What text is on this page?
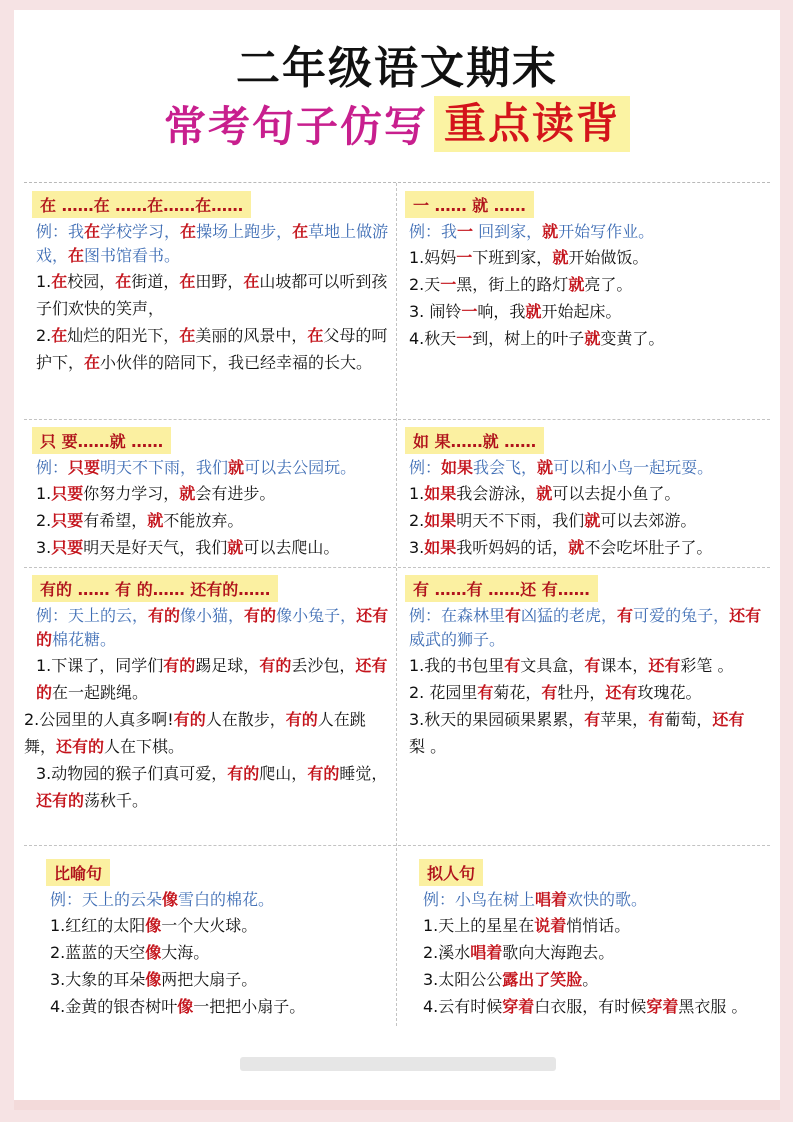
二年级语文期末
常考句子仿写 重点读背
在 ……在 ……在……在……
例：我在学校学习，在操场上跑步，在草地上做游戏，在图书馆看书。
1.在校园，在街道，在田野，在山坡都可以听到孩子们欢快的笑声，
2.在灿烂的阳光下，在美丽的风景中，在父母的呵护下，在小伙伴的陪同下，我已经幸福的长大。
一 …… 就 ……
例：我一 回到家，就开始写作业。
1.妈妈一下班到家，就开始做饭。
2.天一黑，街上的路灯就亮了。
3. 闹铃一响，我就开始起床。
4.秋天一到，树上的叶子就变黄了。
只 要……就 ……
例：只要明天不下雨，我们就可以去公园玩。
1.只要你努力学习，就会有进步。
2.只要有希望，就不能放弃。
3.只要明天是好天气，我们就可以去爬山。
如 果……就 ……
例：如果我会飞，就可以和小鸟一起玩耍。
1.如果我会游泳，就可以去捉小鱼了。
2.如果明天不下雨，我们就可以去郊游。
3.如果我听妈妈的话，就不会吃坏肚子了。
有的 …… 有 的…… 还有的……
例：天上的云，有的像小猫，有的像小兔子，还有的棉花糖。
1.下课了，同学们有的踢足球，有的丢沙包，还有的在一起跳绳。
2.公园里的人真多啊!有的人在散步，有的人在跳舞，还有的人在下棋。
3.动物园的猴子们真可爱，有的爬山，有的睡觉，还有的荡秋千。
有 ……有 ……还 有……
例：在森林里有凶猛的老虎，有可爱的兔子，还有威武的狮子。
1.我的书包里有文具盒，有课本，还有彩笔 。
2. 花园里有菊花，有牡丹，还有玫瑰花。
3.秋天的果园硕果累累，有苹果，有葡萄，还有 梨 。
比喻句
例：天上的云朵像雪白的棉花。
1.红红的太阳像一个大火球。
2.蓝蓝的天空像大海。
3.大象的耳朵像两把大扇子。
4.金黄的银杏树叶像一把把小扇子。
拟人句
例：小鸟在树上唱着欢快的歌。
1.天上的星星在说着悄悄话。
2.溪水唱着歌向大海跑去。
3.太阳公公露出了笑脸。
4.云有时候穿着白衣服，有时候穿着黑衣服 。
